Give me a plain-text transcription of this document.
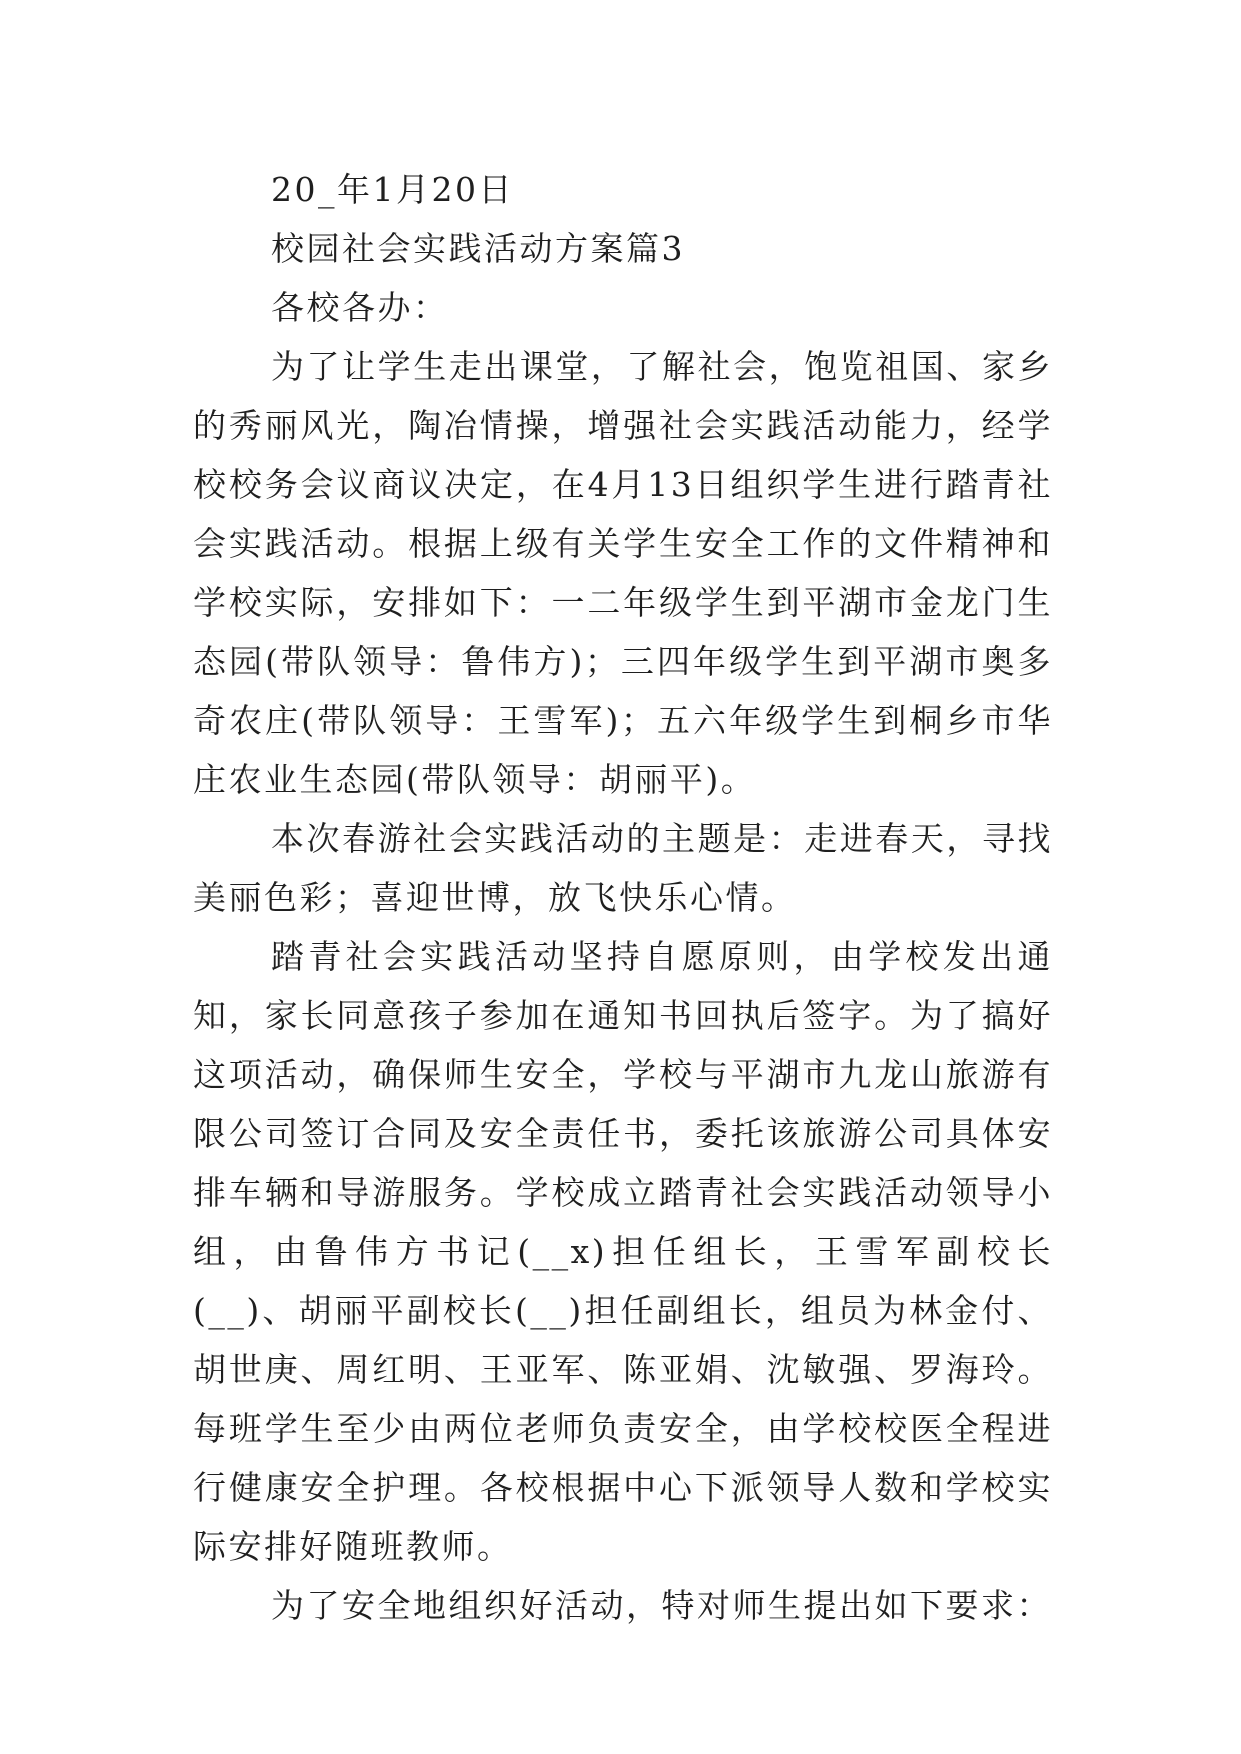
20_年1月20日

校园社会实践活动方案篇3

各校各办：

为了让学生走出课堂，了解社会，饱览祖国、家乡的秀丽风光，陶冶情操，增强社会实践活动能力，经学校校务会议商议决定，在4月13日组织学生进行踏青社会实践活动。根据上级有关学生安全工作的文件精神和学校实际，安排如下：一二年级学生到平湖市金龙门生态园(带队领导：鲁伟方)；三四年级学生到平湖市奥多奇农庄(带队领导：王雪军)；五六年级学生到桐乡市华庄农业生态园(带队领导：胡丽平)。

本次春游社会实践活动的主题是：走进春天，寻找美丽色彩；喜迎世博，放飞快乐心情。

踏青社会实践活动坚持自愿原则，由学校发出通知，家长同意孩子参加在通知书回执后签字。为了搞好这项活动，确保师生安全，学校与平湖市九龙山旅游有限公司签订合同及安全责任书，委托该旅游公司具体安排车辆和导游服务。学校成立踏青社会实践活动领导小组，由鲁伟方书记(__x)担任组长，王雪军副校长(__)、胡丽平副校长(__)担任副组长，组员为林金付、胡世庚、周红明、王亚军、陈亚娟、沈敏强、罗海玲。每班学生至少由两位老师负责安全，由学校校医全程进行健康安全护理。各校根据中心下派领导人数和学校实际安排好随班教师。

为了安全地组织好活动，特对师生提出如下要求：
